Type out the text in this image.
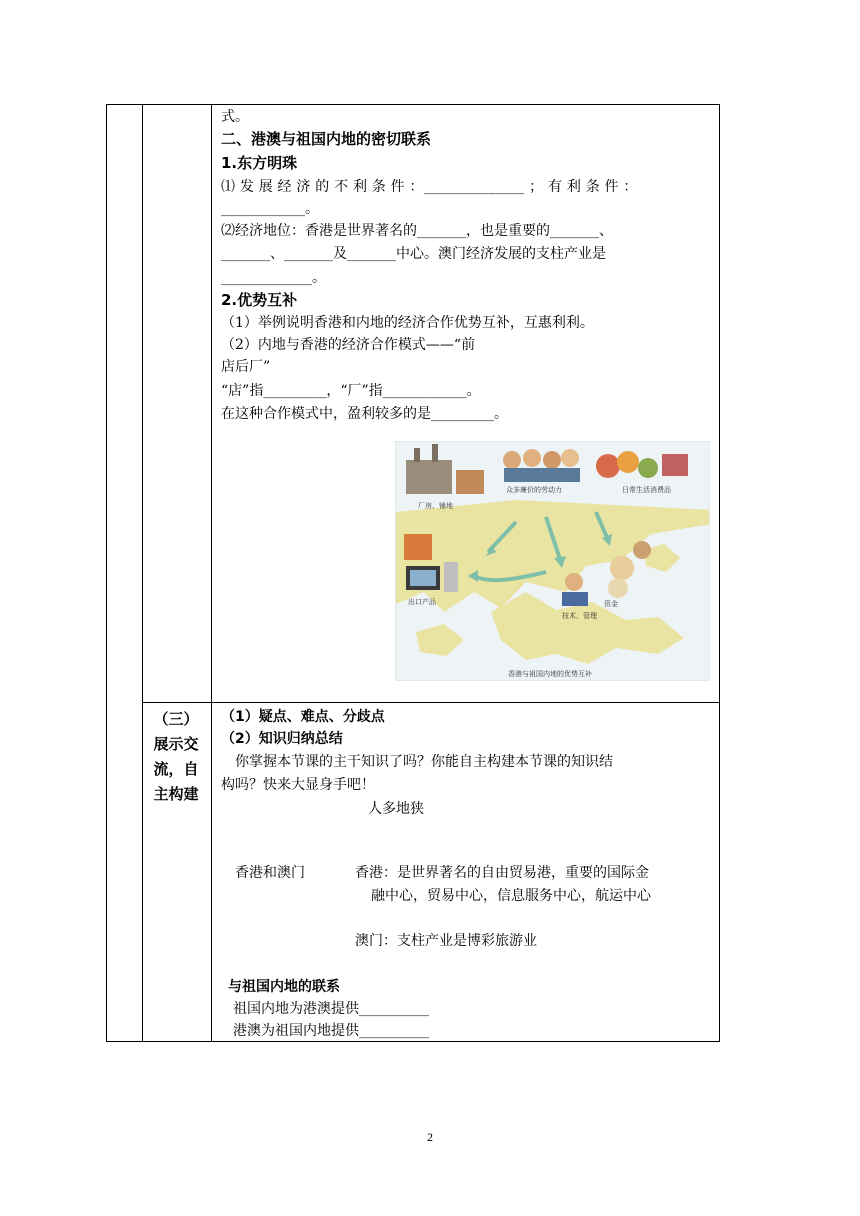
式。
二、港澳与祖国内地的密切联系
1.东方明珠
⑴ 发 展 经 济 的 不 利 条 件 ：______________ ； 有 利 条 件 ：
____________。
⑵经济地位：香港是世界著名的_______，也是重要的_______、
_______、_______及_______中心。澳门经济发展的支柱产业是
_____________。
2.优势互补
（1）举例说明香港和内地的经济合作优势互补，互惠利利。
（2）内地与香港的经济合作模式——“前
店后厂”
“店”指_________，“厂”指____________。
在这种合作模式中，盈利较多的是_________。
厂房、铺地
众多廉价的劳动力	日常生活消费品
资金
技术、管理
出口产品
香港与祖国内地的优势互补
（三）
展示交
流，自
主构建
（1）疑点、难点、分歧点
（2）知识归纳总结
你掌握本节课的主干知识了吗？你能自主构建本节课的知识结
构吗？快来大显身手吧！
人多地狭
香港和澳门	香港：是世界著名的自由贸易港，重要的国际金
融中心，贸易中心，信息服务中心，航运中心
澳门：支柱产业是博彩旅游业
与祖国内地的联系
祖国内地为港澳提供__________
港澳为祖国内地提供__________
2
